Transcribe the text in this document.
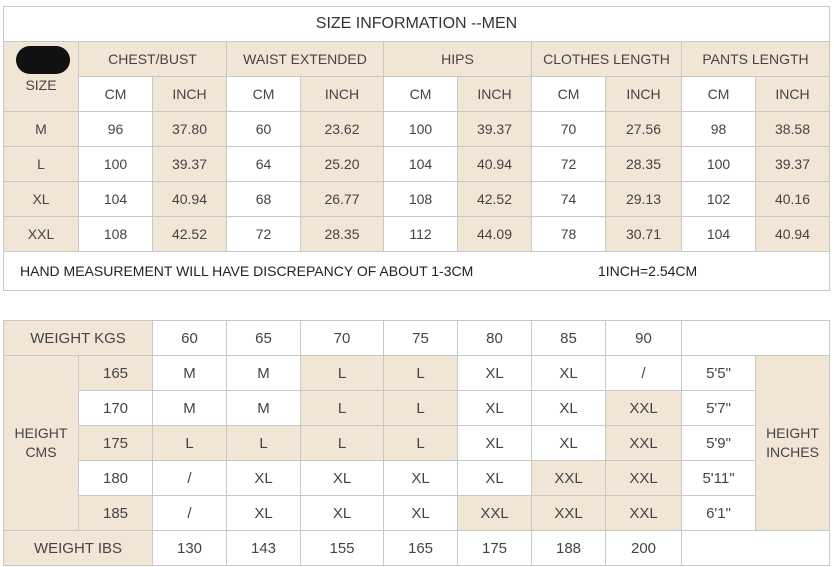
SIZE INFORMATION --MEN										

SIZE	CHEST/BUST		WAIST EXTENDED		HIPS		CLOTHES LENGTH		PANTS LENGTH	
	CM	INCH	CM	INCH	CM	INCH	CM	INCH	CM	INCH
M	96	37.80	60	23.62	100	39.37	70	27.56	98	38.58
L	100	39.37	64	25.20	104	40.94	72	28.35	100	39.37
XL	104	40.94	68	26.77	108	42.52	74	29.13	102	40.16
XXL	108	42.52	72	28.35	112	44.09	78	30.71	104	40.94
HAND MEASUREMENT WILL HAVE DISCREPANCY OF ABOUT 1-3CM 1INCH=2.54CM										
WEIGHT KGS		60	65	70	75	80	85	90		
HEIGHT CMS	165	M	M	L	L	XL	XL	/	5'5"	HEIGHT INCHES
	170	M	M	L	L	XL	XL	XXL	5'7"	
	175	L	L	L	L	XL	XL	XXL	5'9"	
	180	/	XL	XL	XL	XL	XXL	XXL	5'11"	
	185	/	XL	XL	XL	XXL	XXL	XXL	6'1"	
WEIGHT IBS		130	143	155	165	175	188	200		
